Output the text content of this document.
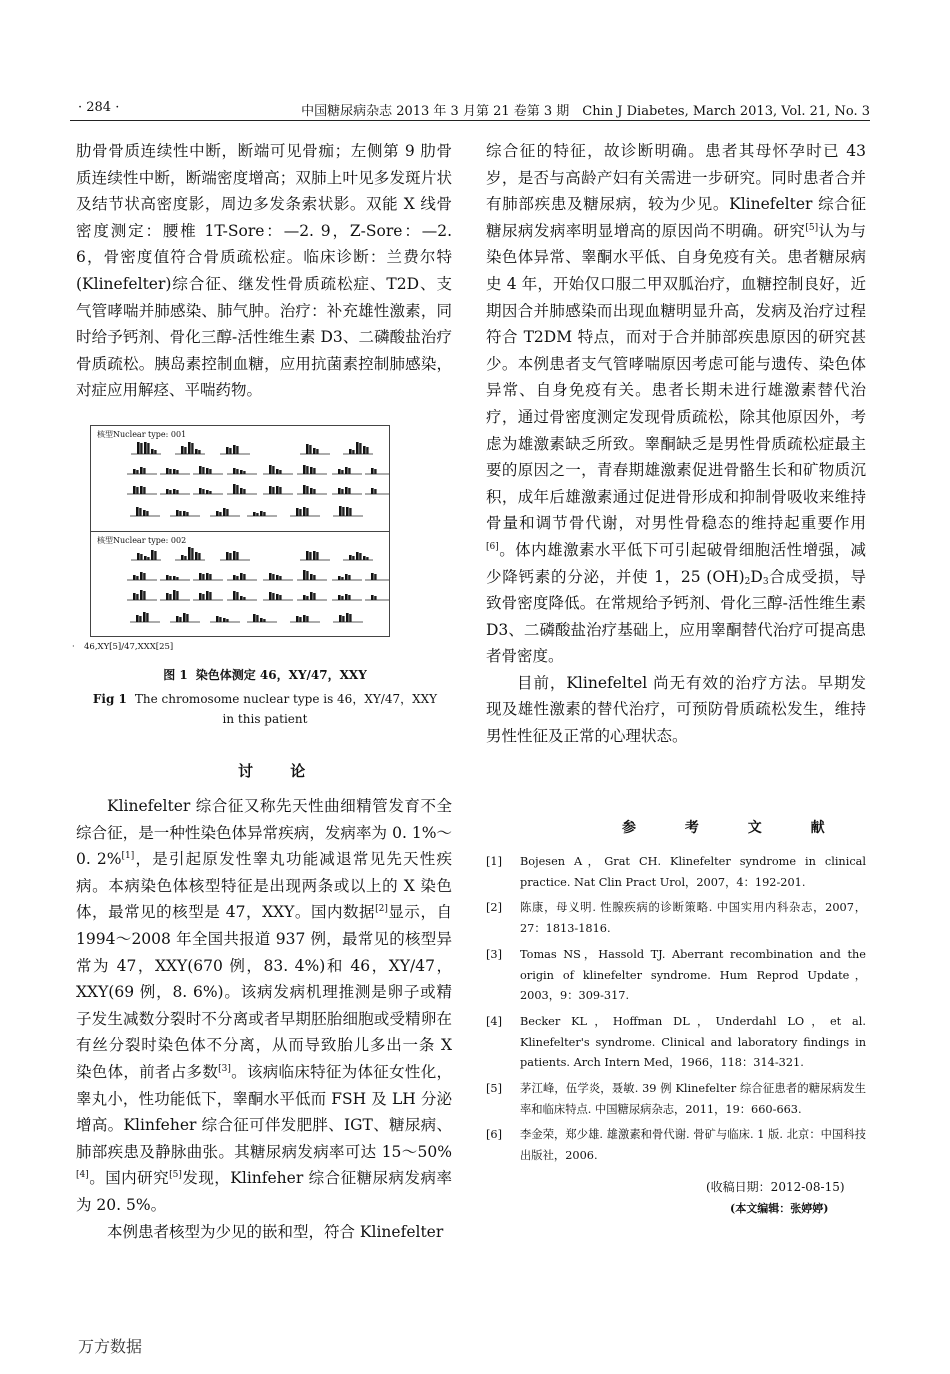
· 284 ·	中国糖尿病杂志 2013 年 3 月第 21 卷第 3 期　Chin J Diabetes, March 2013, Vol. 21, No. 3

肋骨骨质连续性中断，断端可见骨痂；左侧第 9 肋骨质连续性中断，断端密度增高；双肺上叶见多发斑片状及结节状高密度影，周边多发条索状影。双能 X 线骨密度测定：腰椎 1T-Sore：—2. 9，Z-Sore：—2. 6，骨密度值符合骨质疏松症。临床诊断：兰费尔特(Klinefelter)综合征、继发性骨质疏松症、T2D、支气管哮喘并肺感染、肺气肿。治疗：补充雄性激素，同时给予钙剂、骨化三醇-活性维生素 D3、二磷酸盐治疗骨质疏松。胰岛素控制血糖，应用抗菌素控制肺感染，对症应用解痉、平喘药物。

核型Nuclear type: 001
核型Nuclear type: 002
· 46,XY[5]/47,XXX[25]
图 1 染色体测定 46，XY/47，XXY
Fig 1 The chromosome nuclear type is 46，XY/47，XXY
in this patient
讨 论

Klinefelter 综合征又称先天性曲细精管发育不全综合征，是一种性染色体异常疾病，发病率为 0. 1%～0. 2%[1]，是引起原发性睾丸功能减退常见先天性疾病。本病染色体核型特征是出现两条或以上的 X 染色体，最常见的核型是 47，XXY。国内数据[2]显示，自 1994～2008 年全国共报道 937 例，最常见的核型异常为 47，XXY(670 例，83. 4%)和 46，XY/47，XXY(69 例，8. 6%)。该病发病机理推测是卵子或精子发生减数分裂时不分离或者早期胚胎细胞或受精卵在有丝分裂时染色体不分离，从而导致胎儿多出一条 X 染色体，前者占多数[3]。该病临床特征为体征女性化，睾丸小，性功能低下，睾酮水平低而 FSH 及 LH 分泌增高。Klinfeher 综合征可伴发肥胖、IGT、糖尿病、肺部疾患及静脉曲张。其糖尿病发病率可达 15～50%[4]。国内研究[5]发现，Klinfeher 综合征糖尿病发病率为 20. 5%。

本例患者核型为少见的嵌和型，符合 Klinefelter

综合征的特征，故诊断明确。患者其母怀孕时已 43 岁，是否与高龄产妇有关需进一步研究。同时患者合并有肺部疾患及糖尿病，较为少见。Klinefelter 综合征糖尿病发病率明显增高的原因尚不明确。研究[5]认为与染色体异常、睾酮水平低、自身免疫有关。患者糖尿病史 4 年，开始仅口服二甲双胍治疗，血糖控制良好，近期因合并肺感染而出现血糖明显升高，发病及治疗过程符合 T2DM 特点，而对于合并肺部疾患原因的研究甚少。本例患者支气管哮喘原因考虑可能与遗传、染色体异常、自身免疫有关。患者长期未进行雄激素替代治疗，通过骨密度测定发现骨质疏松，除其他原因外，考虑为雄激素缺乏所致。睾酮缺乏是男性骨质疏松症最主要的原因之一，青春期雄激素促进骨骼生长和矿物质沉积，成年后雄激素通过促进骨形成和抑制骨吸收来维持骨量和调节骨代谢，对男性骨稳态的维持起重要作用[6]。体内雄激素水平低下可引起破骨细胞活性增强，减少降钙素的分泌，并使 1，25 $(OH)_2D_3$合成受损，导致骨密度降低。在常规给予钙剂、骨化三醇-活性维生素 D3、二磷酸盐治疗基础上，应用睾酮替代治疗可提高患者骨密度。

目前，Klinefeltel 尚无有效的治疗方法。早期发现及雄性激素的替代治疗，可预防骨质疏松发生，维持男性性征及正常的心理状态。

参 考 文 献
[1] Bojesen A，Grat CH. Klinefelter syndrome in clinical practice. Nat Clin Pract Urol，2007，4：192-201.
[2] 陈康，母义明. 性腺疾病的诊断策略. 中国实用内科杂志，2007，27：1813-1816.
[3] Tomas NS，Hassold TJ. Aberrant recombination and the origin of klinefelter syndrome. Hum Reprod Update，2003，9：309-317.
[4] Becker KL，Hoffman DL，Underdahl LO，et al. Klinefelter's syndrome. Clinical and laboratory findings in patients. Arch Intern Med，1966，118：314-321.
[5] 茅江峰，伍学炎，聂敏. 39 例 Klinefelter 综合征患者的糖尿病发生率和临床特点. 中国糖尿病杂志，2011，19：660-663.
[6] 李金荣，郑少雄. 雄激素和骨代谢. 骨矿与临床. 1 版. 北京：中国科技出版社，2006.
(收稿日期：2012-08-15)
(本文编辑：张婷婷)
万方数据
